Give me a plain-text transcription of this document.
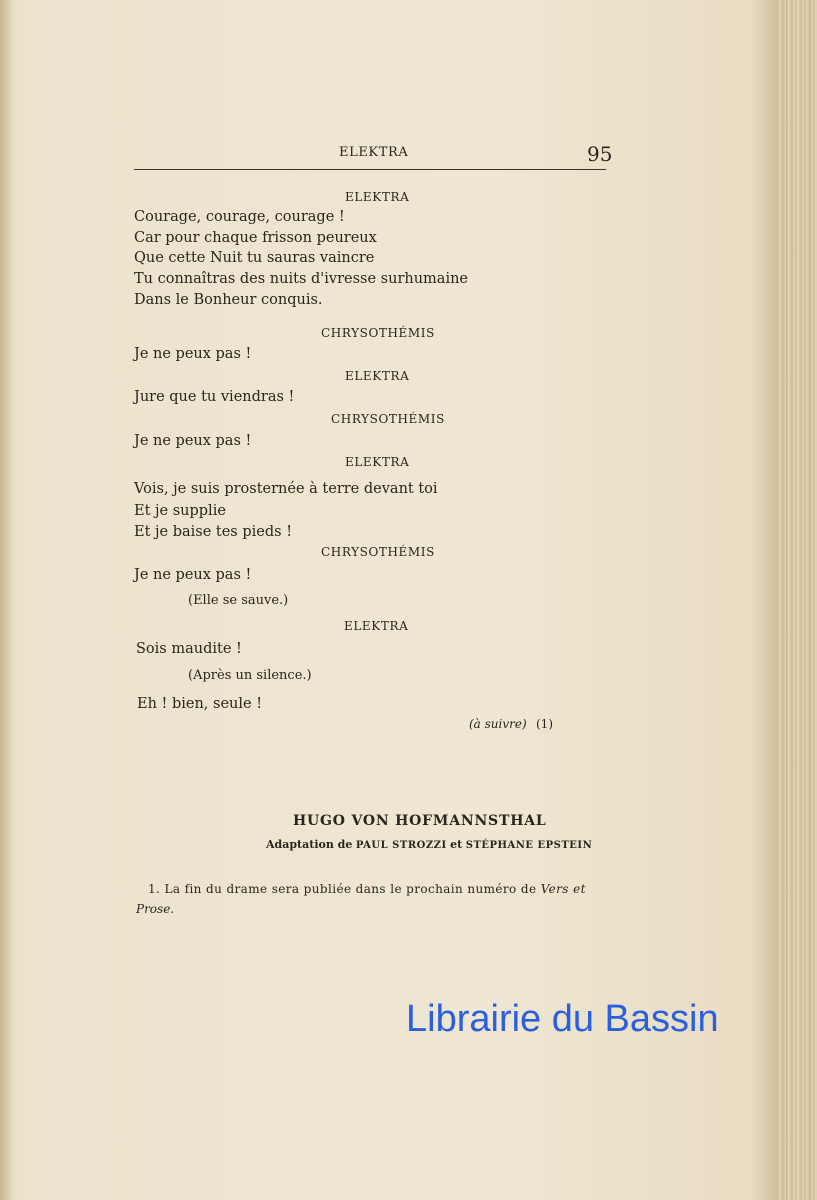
ELEKTRA	95
ELEKTRA
Courage, courage, courage !
Car pour chaque frisson peureux
Que cette Nuit tu sauras vaincre
Tu connaîtras des nuits d'ivresse surhumaine
Dans le Bonheur conquis.
CHRYSOTHÉMIS
Je ne peux pas !
ELEKTRA
Jure que tu viendras !
CHRYSOTHÉMIS
Je ne peux pas !
ELEKTRA
Vois, je suis prosternée à terre devant toi
Et je supplie
Et je baise tes pieds !
CHRYSOTHÉMIS
Je ne peux pas !
(Elle se sauve.)
ELEKTRA
Sois maudite !
(Après un silence.)
Eh ! bien, seule !
(à suivre) (1)
HUGO VON HOFMANNSTHAL
Adaptation de PAUL STROZZI et STÉPHANE EPSTEIN
1. La fin du drame sera publiée dans le prochain numéro de Vers et
Prose.
Librairie du Bassin
